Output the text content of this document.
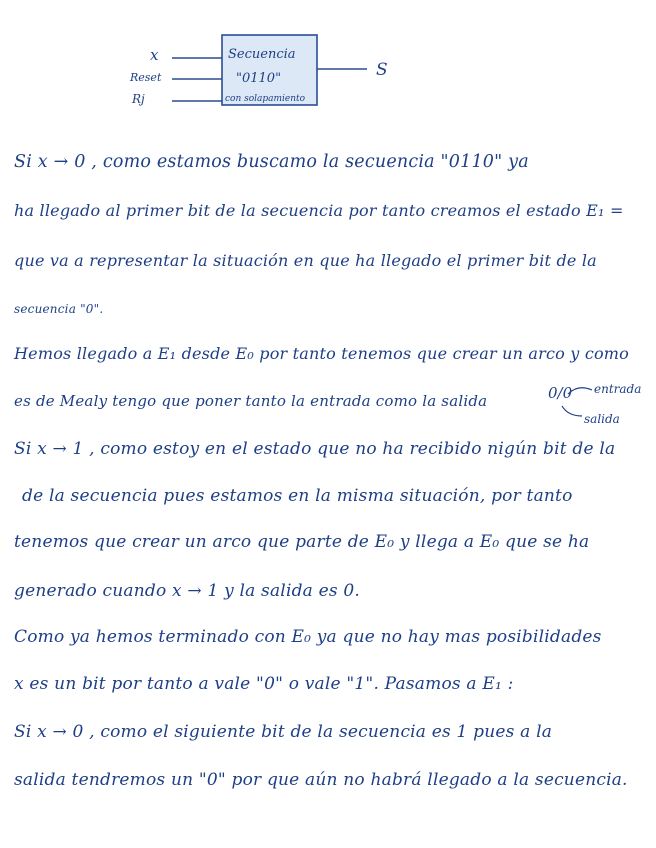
x
Reset
Rj
Secuencia
"0110"
con solapamiento
S
Si x → 0 , como estamos buscamo la secuencia "0110" ya
ha llegado al primer bit de la secuencia por tanto creamos el estado E₁ =
que va a representar la situación en que ha llegado el primer bit de la
secuencia "0".
Hemos llegado a E₁ desde E₀ por tanto tenemos que crear un arco y como
es de Mealy tengo que poner tanto la entrada como la salida
Si x → 1 , como estoy en el estado que no ha recibido nigún bit de la
de la secuencia pues estamos en la misma situación, por tanto
tenemos que crear un arco que parte de E₀ y llega a E₀ que se ha
generado cuando x → 1 y la salida es 0.
Como ya hemos terminado con E₀ ya que no hay mas posibilidades
x es un bit por tanto a vale "0" o vale "1". Pasamos a E₁ :
Si x → 0 , como el siguiente bit de la secuencia es 1 pues a la
salida tendremos un "0" por que aún no habrá llegado a la secuencia.
0/0 entrada
salida
